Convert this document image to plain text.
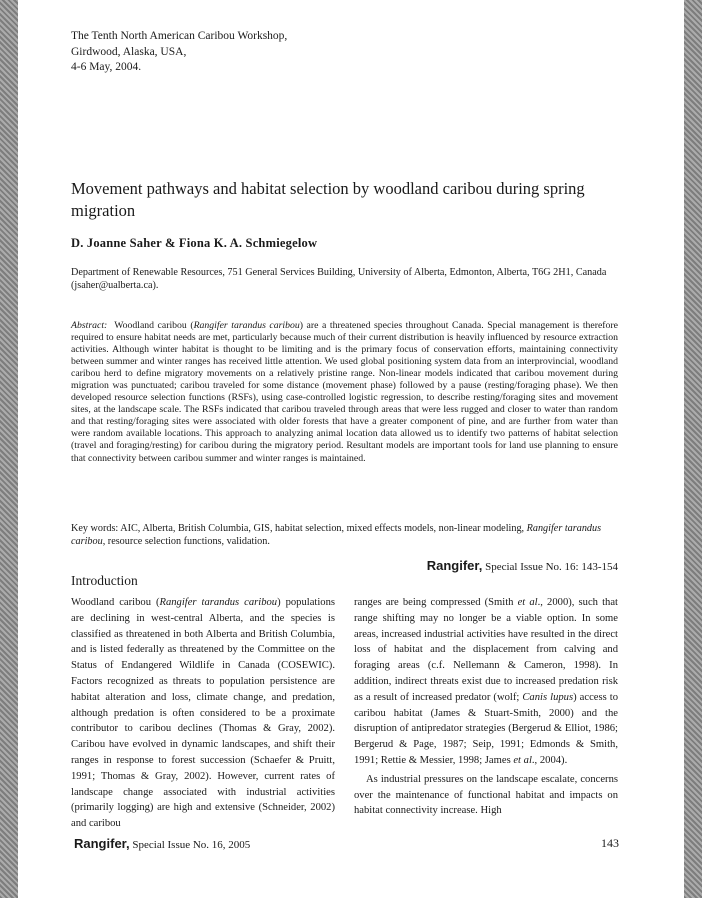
The Tenth North American Caribou Workshop,
Girdwood, Alaska, USA,
4-6 May, 2004.
Movement pathways and habitat selection by woodland caribou during spring migration
D. Joanne Saher & Fiona K. A. Schmiegelow
Department of Renewable Resources, 751 General Services Building, University of Alberta, Edmonton, Alberta, T6G 2H1, Canada (jsaher@ualberta.ca).
Abstract: Woodland caribou (Rangifer tarandus caribou) are a threatened species throughout Canada. Special management is therefore required to ensure habitat needs are met, particularly because much of their current distribution is heavily influenced by resource extraction activities. Although winter habitat is thought to be limiting and is the primary focus of conservation efforts, maintaining connectivity between summer and winter ranges has received little attention. We used global positioning system data from an interprovincial, woodland caribou herd to define migratory movements on a relatively pristine range. Non-linear models indicated that caribou movement during migration was punctuated; caribou traveled for some distance (movement phase) followed by a pause (resting/foraging phase). We then developed resource selection functions (RSFs), using case-controlled logistic regression, to describe resting/foraging sites and movement sites, at the landscape scale. The RSFs indicated that caribou traveled through areas that were less rugged and closer to water than random and that resting/foraging sites were associated with older forests that have a greater component of pine, and are further from water than were random available locations. This approach to analyzing animal location data allowed us to identify two patterns of habitat selection (travel and foraging/resting) for caribou during the migratory period. Resultant models are important tools for land use planning to ensure that connectivity between caribou summer and winter ranges is maintained.
Key words: AIC, Alberta, British Columbia, GIS, habitat selection, mixed effects models, non-linear modeling, Rangifer tarandus caribou, resource selection functions, validation.
Rangifer, Special Issue No. 16: 143-154
Introduction

Woodland caribou (Rangifer tarandus caribou) populations are declining in west-central Alberta, and the species is classified as threatened in both Alberta and British Columbia, and is listed federally as threatened by the Committee on the Status of Endangered Wildlife in Canada (COSEWIC). Factors recognized as threats to population persistence are habitat alteration and loss, climate change, and predation, although predation is often considered to be a proximate contributor to caribou declines (Thomas & Gray, 2002). Caribou have evolved in dynamic landscapes, and shift their ranges in response to forest succession (Schaefer & Pruitt, 1991; Thomas & Gray, 2002). However, current rates of landscape change associated with industrial activities (primarily logging) are high and extensive (Schneider, 2002) and caribou

ranges are being compressed (Smith et al., 2000), such that range shifting may no longer be a viable option. In some areas, increased industrial activities have resulted in the direct loss of habitat and the displacement from calving and foraging areas (c.f. Nellemann & Cameron, 1998). In addition, indirect threats exist due to increased predation risk as a result of increased predator (wolf; Canis lupus) access to caribou habitat (James & Stuart-Smith, 2000) and the disruption of antipredator strategies (Bergerud & Elliot, 1986; Bergerud & Page, 1987; Seip, 1991; Edmonds & Smith, 1991; Rettie & Messier, 1998; James et al., 2004).

As industrial pressures on the landscape escalate, concerns over the maintenance of functional habitat and impacts on habitat connectivity increase. High

Rangifer, Special Issue No. 16, 2005	143
